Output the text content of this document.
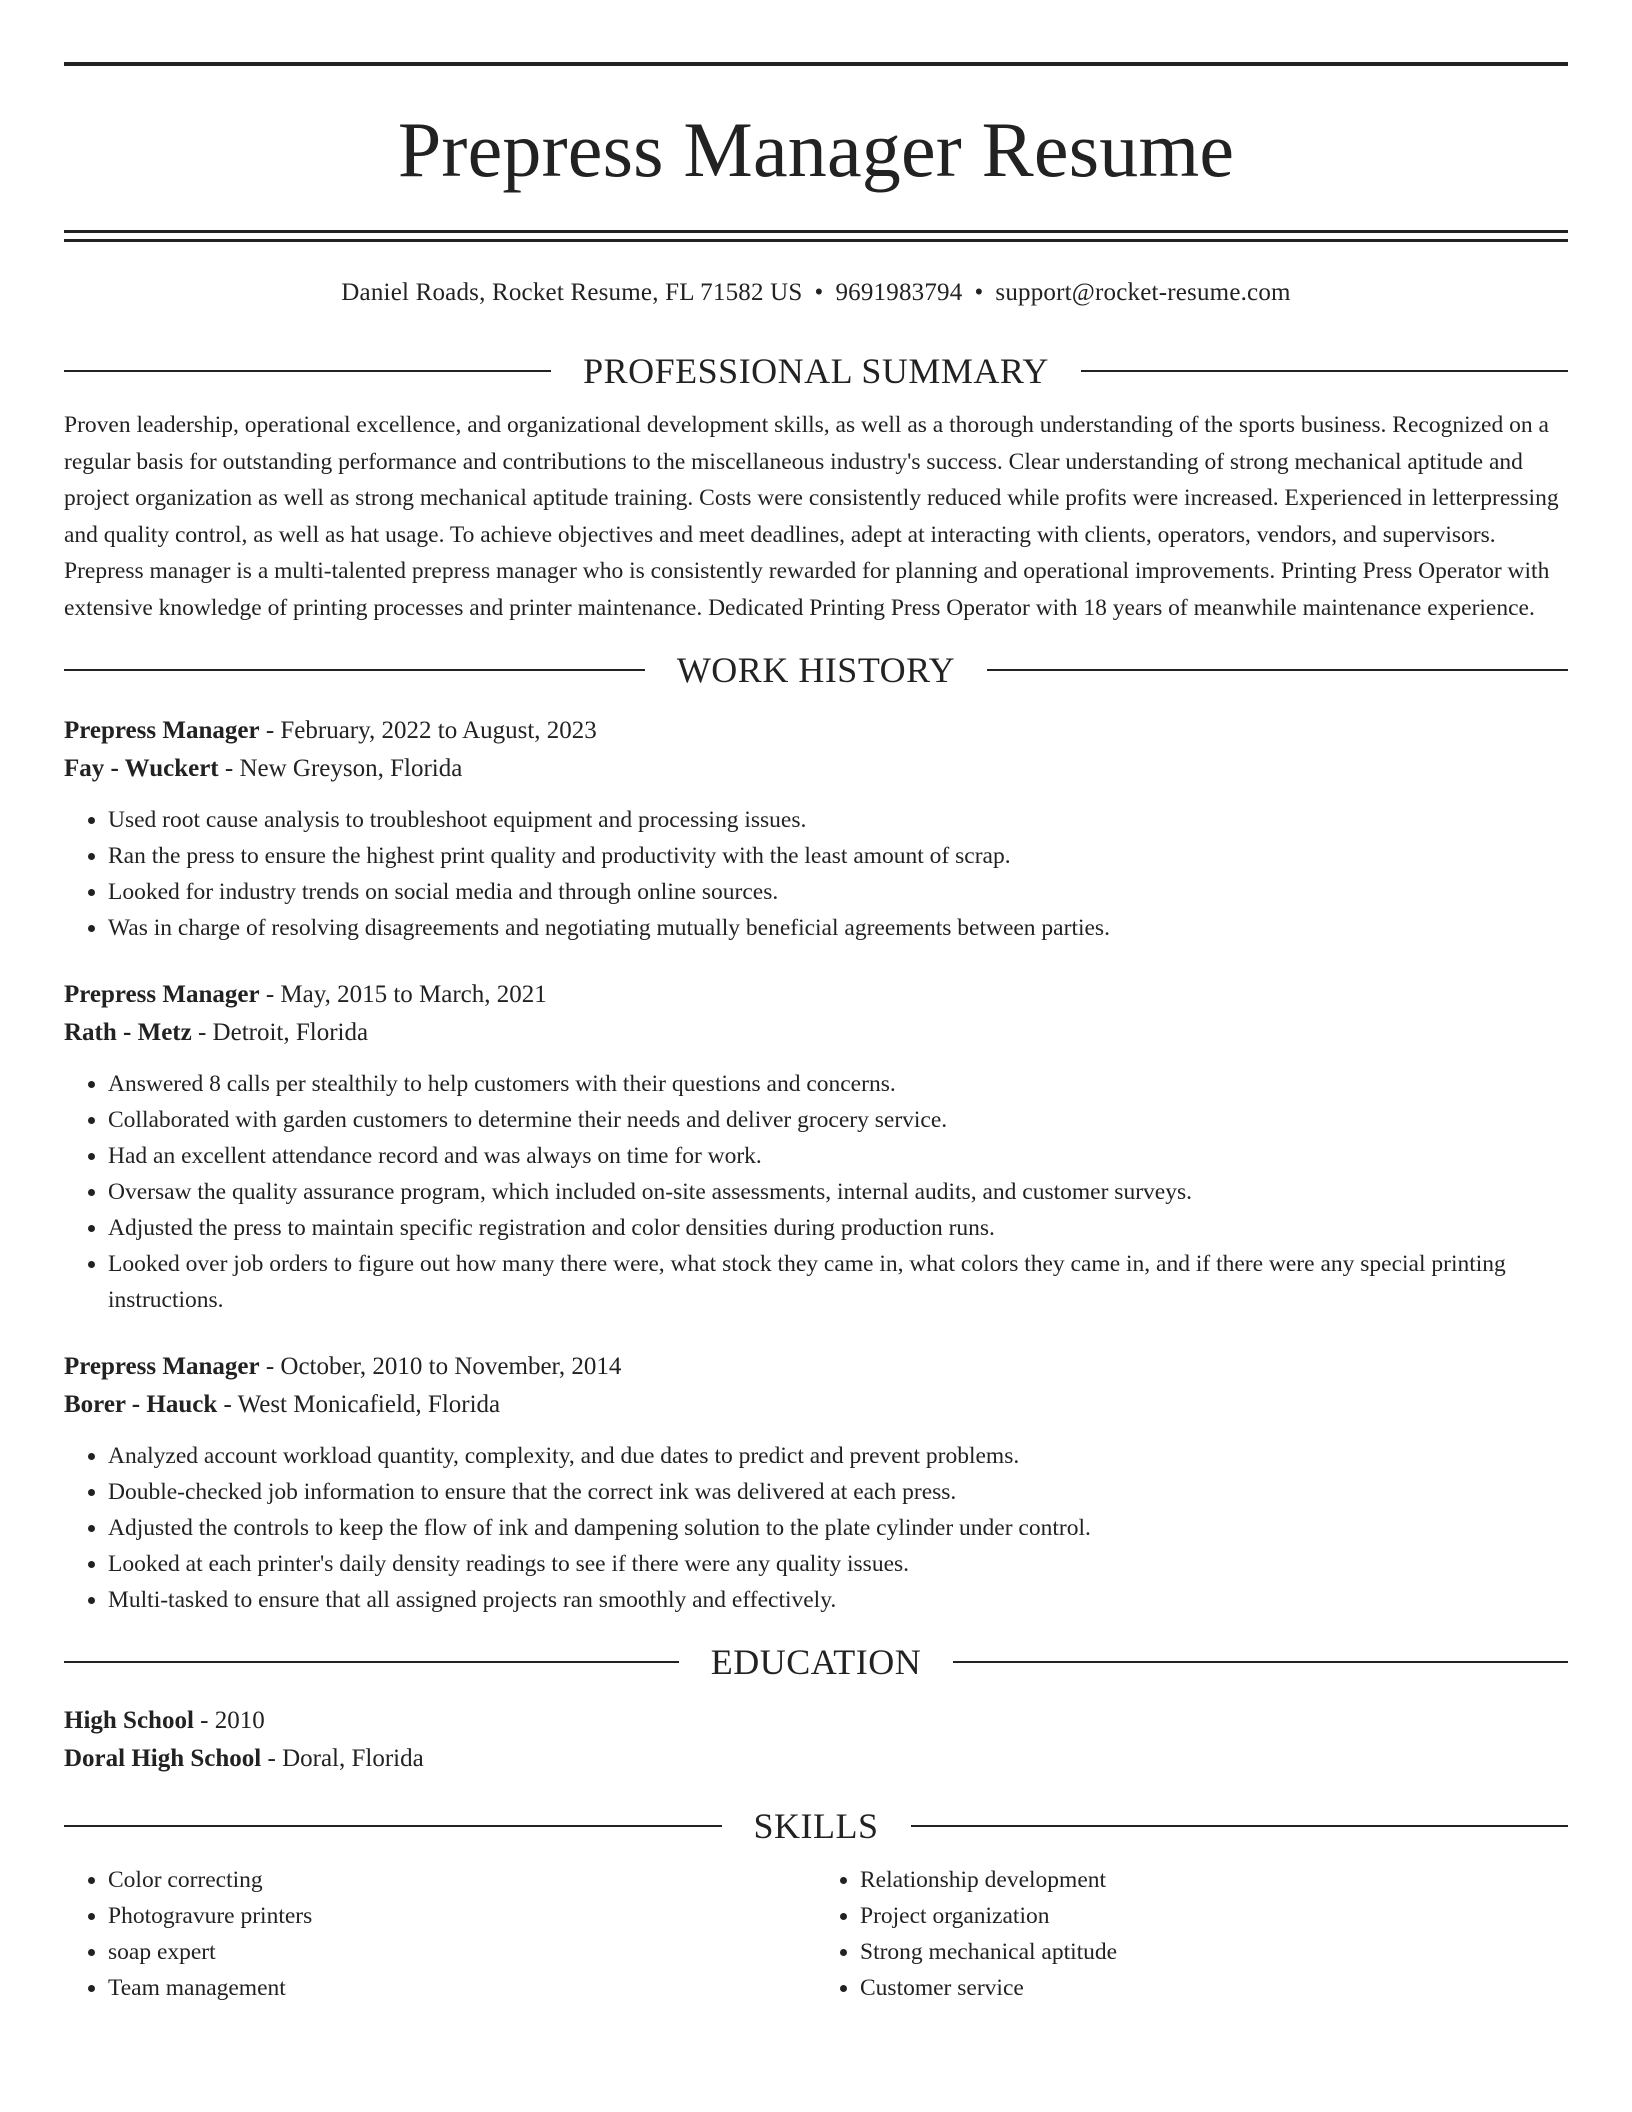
Prepress Manager Resume
Daniel Roads, Rocket Resume, FL 71582 US • 9691983794 • support@rocket-resume.com
PROFESSIONAL SUMMARY

Proven leadership, operational excellence, and organizational development skills, as well as a thorough understanding of the sports business. Recognized on a regular basis for outstanding performance and contributions to the miscellaneous industry's success. Clear understanding of strong mechanical aptitude and project organization as well as strong mechanical aptitude training. Costs were consistently reduced while profits were increased. Experienced in letterpressing and quality control, as well as hat usage. To achieve objectives and meet deadlines, adept at interacting with clients, operators, vendors, and supervisors. Prepress manager is a multi-talented prepress manager who is consistently rewarded for planning and operational improvements. Printing Press Operator with extensive knowledge of printing processes and printer maintenance. Dedicated Printing Press Operator with 18 years of meanwhile maintenance experience.

WORK HISTORY
Prepress Manager - February, 2022 to August, 2023
Fay - Wuckert - New Greyson, Florida
• Used root cause analysis to troubleshoot equipment and processing issues.
• Ran the press to ensure the highest print quality and productivity with the least amount of scrap.
• Looked for industry trends on social media and through online sources.
• Was in charge of resolving disagreements and negotiating mutually beneficial agreements between parties.
Prepress Manager - May, 2015 to March, 2021
Rath - Metz - Detroit, Florida
• Answered 8 calls per stealthily to help customers with their questions and concerns.
• Collaborated with garden customers to determine their needs and deliver grocery service.
• Had an excellent attendance record and was always on time for work.
• Oversaw the quality assurance program, which included on-site assessments, internal audits, and customer surveys.
• Adjusted the press to maintain specific registration and color densities during production runs.
• Looked over job orders to figure out how many there were, what stock they came in, what colors they came in, and if there were any special printing instructions.
Prepress Manager - October, 2010 to November, 2014
Borer - Hauck - West Monicafield, Florida
• Analyzed account workload quantity, complexity, and due dates to predict and prevent problems.
• Double-checked job information to ensure that the correct ink was delivered at each press.
• Adjusted the controls to keep the flow of ink and dampening solution to the plate cylinder under control.
• Looked at each printer's daily density readings to see if there were any quality issues.
• Multi-tasked to ensure that all assigned projects ran smoothly and effectively.
EDUCATION
High School - 2010
Doral High School - Doral, Florida
SKILLS
• Color correcting
• Photogravure printers
• soap expert
• Team management
• Relationship development
• Project organization
• Strong mechanical aptitude
• Customer service
